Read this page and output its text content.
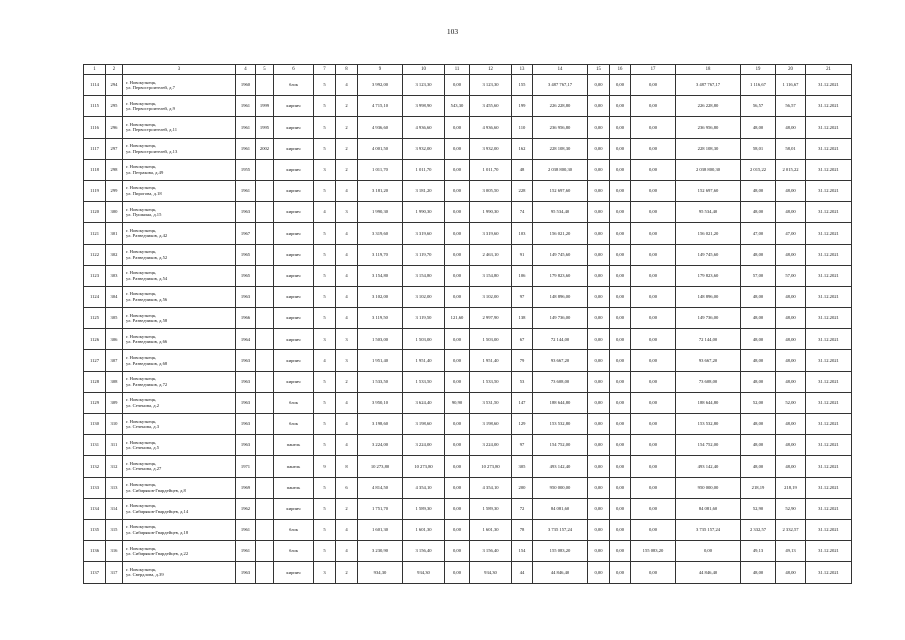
103
1	2	3	4	5	6	7	8	9	10	11	12	13	14	15	16	17	18	19	20	21
1114	294	г. Новокузнецк,
ул. Первостроителей, д.7	1960		блок	5	4	3 992,00	3 123,30	0,00	3 123,30	155	3 487 767,17	0,00	0,00	0,00	3 487 767,17	1 116,67	1 116,67	31.12.2021
1115	295	г. Новокузнецк,
ул. Первостроителей, д.9	1961	1999	кирпич	5	2	4 715,10	3 998,90	543,30	3 455,60	199	226 228,80	0,00	0,00	0,00	226 228,80	56,57	56,57	31.12.2021
1116	296	г. Новокузнецк,
ул. Первостроителей, д.11	1961	1995	кирпич	5	2	4 936,60	4 936,60	0,00	4 936,60	110	236 956,80	0,00	0,00	0,00	236 956,80	48,00	48,00	31.12.2021
1117	297	г. Новокузнецк,
ул. Первостроителей, д.13	1961	2002	кирпич	5	2	4 001,50	3 932,00	0,00	3 932,00	162	228 108,30	0,00	0,00	0,00	228 108,30	58,01	58,01	31.12.2021
1118	298	г. Новокузнецк,
ул. Петракова, д.49	1955		кирпич	3	2	1 011,70	1 011,70	0,00	1 011,70	48	2 038 800,30	0,00	0,00	0,00	2 038 800,30	2 015,22	2 015,22	31.12.2021
1119	299	г. Новокузнецк,
ул. Пирогова, д.18	1961		кирпич	5	4	3 181,20	3 181,20	0,00	3 005,50	228	152 697,60	0,00	0,00	0,00	152 697,60	48,00	48,00	31.12.2021
1120	300	г. Новокузнецк,
ул. Пушкина, д.15	1963		кирпич	4	3	1 990,30	1 990,30	0,00	1 990,30	74	95 534,40	0,00	0,00	0,00	95 534,40	48,00	48,00	31.12.2021
1121	301	г. Новокузнецк,
ул. Разведчиков, д.42	1967		кирпич	5	4	3 319,60	3 319,60	0,00	3 319,60	103	156 021,20	0,00	0,00	0,00	156 021,20	47,00	47,00	31.12.2021
1122	302	г. Новокузнецк,
ул. Разведчиков, д.52	1965		кирпич	5	4	3 119,70	3 119,70	0,00	2 463,10	91	149 745,60	0,00	0,00	0,00	149 745,60	48,00	48,00	31.12.2021
1123	303	г. Новокузнецк,
ул. Разведчиков, д.54	1965		кирпич	5	4	3 154,80	3 154,80	0,00	3 154,80	106	179 823,60	0,00	0,00	0,00	179 823,60	57,00	57,00	31.12.2021
1124	304	г. Новокузнецк,
ул. Разведчиков, д.56	1963		кирпич	5	4	3 102,00	3 102,00	0,00	3 102,00	97	148 896,00	0,00	0,00	0,00	148 896,00	48,00	48,00	31.12.2021
1125	305	г. Новокузнецк,
ул. Разведчиков, д.58	1966		кирпич	5	4	3 119,50	3 119,50	121,60	2 997,90	138	149 736,00	0,00	0,00	0,00	149 736,00	48,00	48,00	31.12.2021
1126	306	г. Новокузнецк,
ул. Разведчиков, д.66	1964		кирпич	3	3	1 503,00	1 503,00	0,00	1 503,00	67	72 144,00	0,00	0,00	0,00	72 144,00	48,00	48,00	31.12.2021
1127	307	г. Новокузнецк,
ул. Разведчиков, д.68	1963		кирпич	4	3	1 951,40	1 951,40	0,00	1 951,40	79	93 667,20	0,00	0,00	0,00	93 667,20	48,00	48,00	31.12.2021
1128	308	г. Новокузнецк,
ул. Разведчиков, д.72	1963		кирпич	5	2	1 533,50	1 533,50	0,00	1 533,50	53	73 608,00	0,00	0,00	0,00	73 608,00	48,00	48,00	31.12.2021
1129	309	г. Новокузнецк,
ул. Сеченова, д.2	1963		блок	5	4	3 950,10	3 624,40	90,90	3 531,50	147	188 644,80	0,00	0,00	0,00	188 644,80	52,00	52,00	31.12.2021
1130	310	г. Новокузнецк,
ул. Сеченова, д.3	1963		блок	5	4	3 198,60	3 198,60	0,00	3 198,60	129	153 532,80	0,00	0,00	0,00	153 532,80	48,00	48,00	31.12.2021
1131	311	г. Новокузнецк,
ул. Сеченова, д.5	1963		панель	5	4	3 224,00	3 224,00	0,00	3 224,00	97	154 752,00	0,00	0,00	0,00	154 752,00	48,00	48,00	31.12.2021
1132	312	г. Новокузнецк,
ул. Сеченова, д.27	1971		панель	9	8	10 273,80	10 273,80	0,00	10 273,80	305	493 142,40	0,00	0,00	0,00	493 142,40	48,00	48,00	31.12.2021
1133	313	г. Новокузнецк,
ул. Сибиряков-Гвардейцев, д.8	1969		панель	5	6	4 814,50	4 354,10	0,00	4 354,10	200	950 000,00	0,00	0,00	0,00	950 000,00	218,19	218,19	31.12.2021
1134	314	г. Новокузнецк,
ул. Сибиряков-Гвардейцев, д.14	1962		кирпич	5	2	1 751,70	1 589,30	0,00	1 589,30	72	84 081,60	0,00	0,00	0,00	84 081,60	52,90	52,90	31.12.2021
1135	315	г. Новокузнецк,
ул. Сибиряков-Гвардейцев, д.18	1961		блок	5	4	1 601,30	1 601,30	0,00	1 601,30	78	3 735 157,24	0,00	0,00	0,00	3 735 157,24	2 332,57	2 332,57	31.12.2021
1136	316	г. Новокузнецк,
ул. Сибиряков-Гвардейцев, д.22	1961		блок	5	4	3 230,90	3 156,40	0,00	3 156,40	154	155 083,20	0,00	0,00	155 083,20	0,00	49,13	49,13	31.12.2021
1137	317	г. Новокузнецк,
ул. Свердлова, д.39	1963		кирпич	3	2	934,30	934,30	0,00	934,30	44	44 846,40	0,00	0,00	0,00	44 846,40	48,00	48,00	31.12.2021
